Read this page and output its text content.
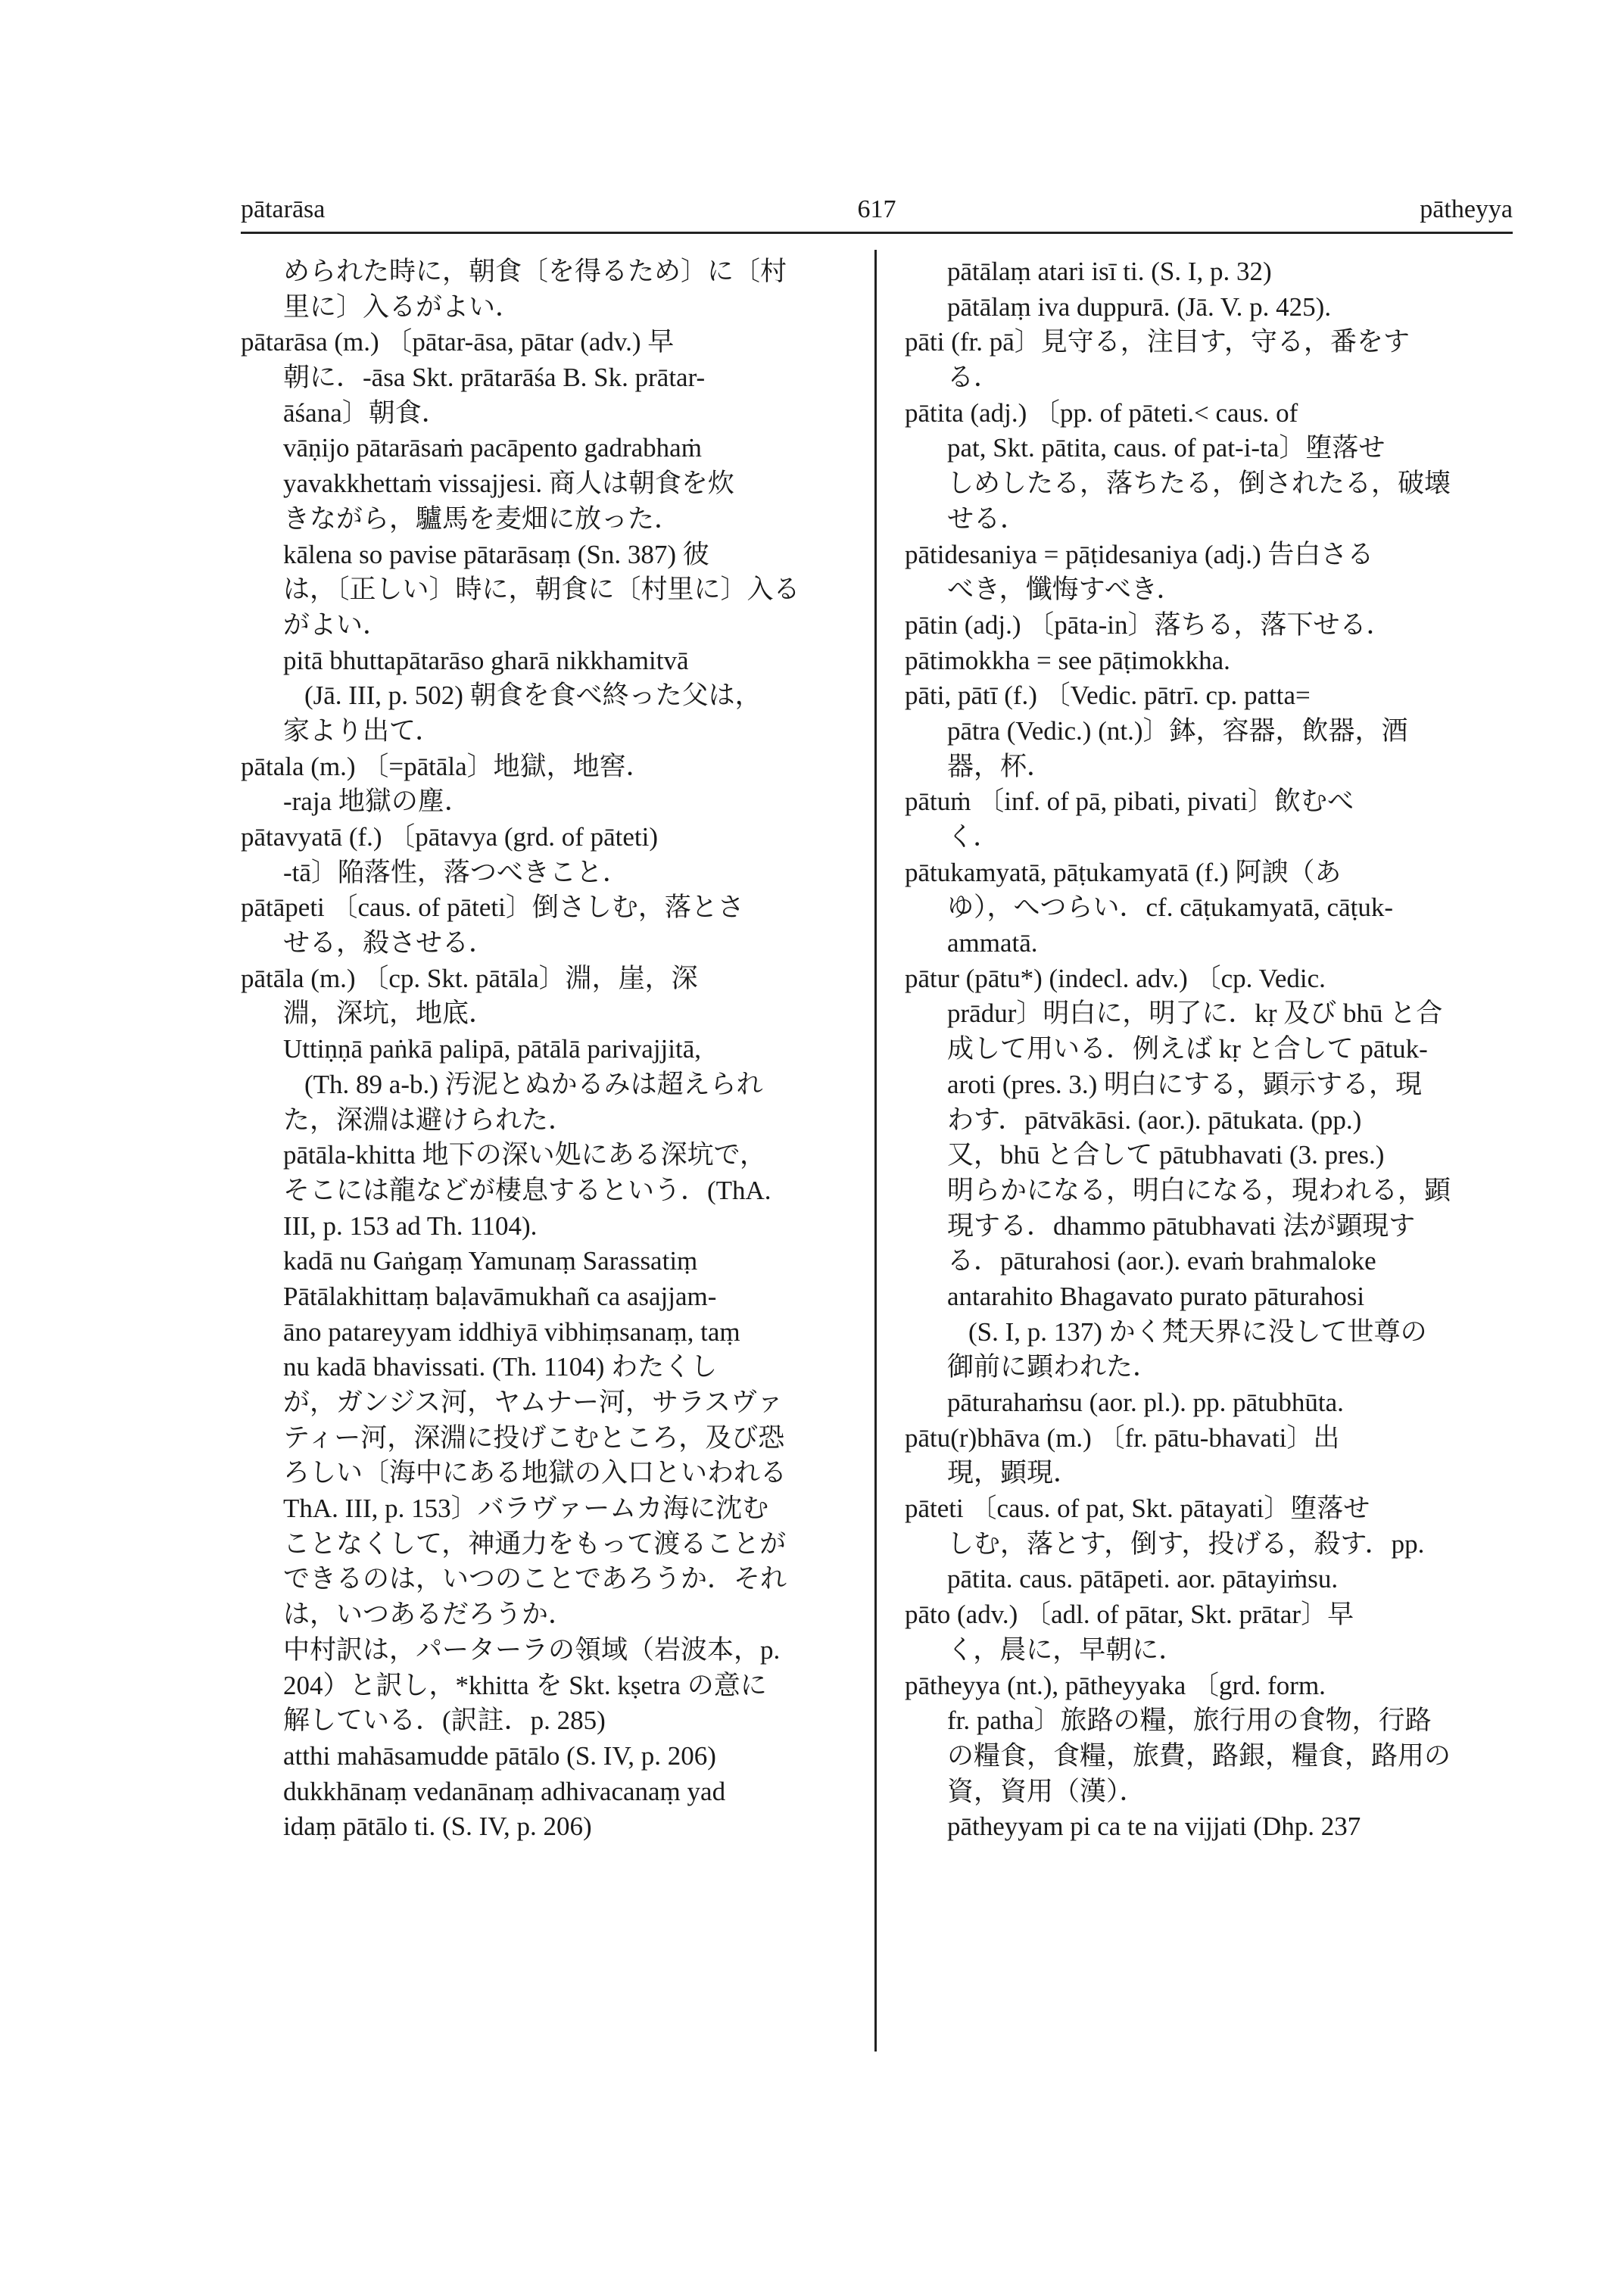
pātarāsa	617	pātheyya
められた時に，朝食〔を得るため〕に〔村
里に〕入るがよい．
pātarāsa (m.) 〔pātar-āsa, pātar (adv.) 早
朝に．-āsa Skt. prātarāśa B. Sk. prātar-
āśana〕朝食．
vāṇijo pātarāsaṁ pacāpento gadrabhaṁ
yavakkhettaṁ vissajjesi. 商人は朝食を炊
きながら，驢馬を麦畑に放った．
kālena so pavise pātarāsaṃ (Sn. 387) 彼
は，〔正しい〕時に，朝食に〔村里に〕入る
がよい．
pitā bhuttapātarāso gharā nikkhamitvā
(Jā. III, p. 502) 朝食を食べ終った父は，
家より出て．
pātala (m.) 〔=pātāla〕地獄，地窖．
-raja 地獄の塵．
pātavyatā (f.) 〔pātavya (grd. of pāteti)
-tā〕陥落性，落つべきこと．
pātāpeti 〔caus. of pāteti〕倒さしむ，落とさ
せる，殺させる．
pātāla (m.) 〔cp. Skt. pātāla〕淵，崖，深
淵，深坑，地底．
Uttiṇṇā paṅkā palipā, pātālā parivajjitā,
(Th. 89 a-b.) 汚泥とぬかるみは超えられ
た，深淵は避けられた．
pātāla-khitta 地下の深い処にある深坑で，
そこには龍などが棲息するという．(ThA.
III, p. 153 ad Th. 1104).
kadā nu Gaṅgaṃ Yamunaṃ Sarassatiṃ
Pātālakhittaṃ baḷavāmukhañ ca asajjam-
āno patareyyam iddhiyā vibhiṃsanaṃ, taṃ
nu kadā bhavissati. (Th. 1104) わたくし
が，ガンジス河，ヤムナー河，サラスヴァ
ティー河，深淵に投げこむところ，及び恐
ろしい〔海中にある地獄の入口といわれる
ThA. III, p. 153〕バラヴァームカ海に沈む
ことなくして，神通力をもって渡ることが
できるのは，いつのことであろうか．それ
は，いつあるだろうか．
中村訳は，パーターラの領域（岩波本，p.
204）と訳し，*khitta を Skt. kṣetra の意に
解している．(訳註．p. 285)
atthi mahāsamudde pātālo (S. IV, p. 206)
dukkhānaṃ vedanānaṃ adhivacanaṃ yad
idaṃ pātālo ti. (S. IV, p. 206)
pātālaṃ atari isī ti. (S. I, p. 32)
pātālaṃ iva duppurā. (Jā. V. p. 425).
pāti (fr. pā〕見守る，注目す，守る，番をす
る．
pātita (adj.) 〔pp. of pāteti.< caus. of
pat, Skt. pātita, caus. of pat-i-ta〕堕落せ
しめしたる，落ちたる，倒されたる，破壊
せる．
pātidesaniya = pāṭidesaniya (adj.) 告白さる
べき，懺悔すべき．
pātin (adj.) 〔pāta-in〕落ちる，落下せる．
pātimokkha = see pāṭimokkha.
pāti, pātī (f.) 〔Vedic. pātrī. cp. patta=
pātra (Vedic.) (nt.)〕鉢，容器，飲器，酒
器，杯．
pātuṁ 〔inf. of pā, pibati, pivati〕飲むべ
く．
pātukamyatā, pāṭukamyatā (f.) 阿諛（あ
ゆ），へつらい．cf. cāṭukamyatā, cāṭuk-
ammatā.
pātur (pātu*) (indecl. adv.) 〔cp. Vedic.
prādur〕明白に，明了に．kṛ 及び bhū と合
成して用いる．例えば kṛ と合して pātuk-
aroti (pres. 3.) 明白にする，顕示する，現
わす．pātvākāsi. (aor.). pātukata. (pp.)
又，bhū と合して pātubhavati (3. pres.)
明らかになる，明白になる，現われる，顕
現する．dhammo pātubhavati 法が顕現す
る．pāturahosi (aor.). evaṁ brahmaloke
antarahito Bhagavato purato pāturahosi
(S. I, p. 137) かく梵天界に没して世尊の
御前に顕われた．
pāturahaṁsu (aor. pl.). pp. pātubhūta.
pātu(r)bhāva (m.) 〔fr. pātu-bhavati〕出
現，顕現．
pāteti 〔caus. of pat, Skt. pātayati〕堕落せ
しむ，落とす，倒す，投げる，殺す．pp.
pātita. caus. pātāpeti. aor. pātayiṁsu.
pāto (adv.) 〔adl. of pātar, Skt. prātar〕早
く，晨に，早朝に．
pātheyya (nt.), pātheyyaka 〔grd. form.
fr. patha〕旅路の糧，旅行用の食物，行路
の糧食，食糧，旅費，路銀，糧食，路用の
資，資用（漢）．
pātheyyam pi ca te na vijjati (Dhp. 237
